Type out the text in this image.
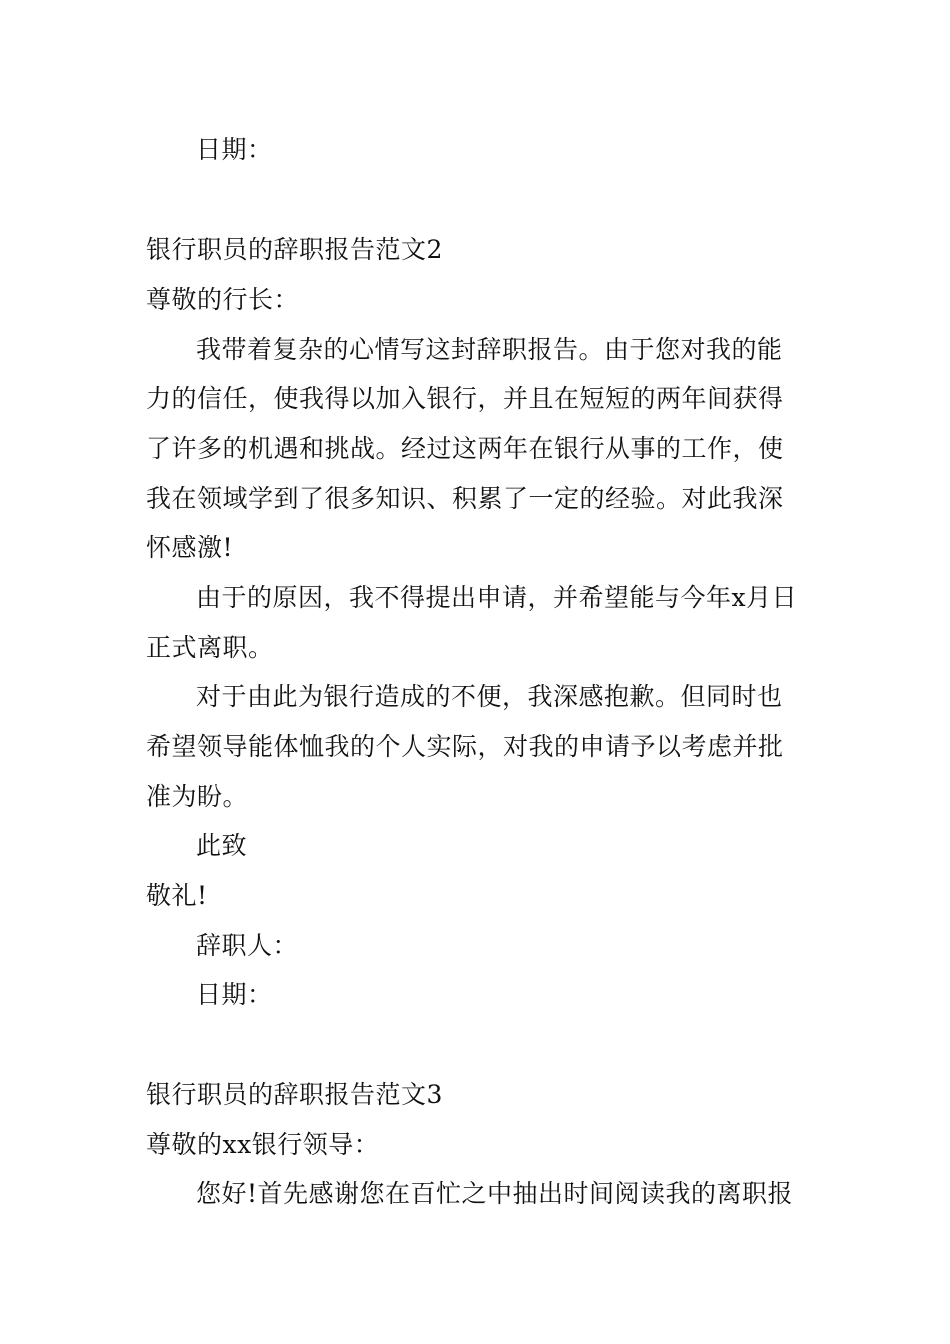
日期：
银行职员的辞职报告范文2
尊敬的行长：
我带着复杂的心情写这封辞职报告。由于您对我的能
力的信任，使我得以加入银行，并且在短短的两年间获得
了许多的机遇和挑战。经过这两年在银行从事的工作，使
我在领域学到了很多知识、积累了一定的经验。对此我深
怀感激!
由于的原因，我不得提出申请，并希望能与今年x月日
正式离职。
对于由此为银行造成的不便，我深感抱歉。但同时也
希望领导能体恤我的个人实际，对我的申请予以考虑并批
准为盼。
此致
敬礼!
辞职人：
日期：
银行职员的辞职报告范文3
尊敬的xx银行领导：
您好!首先感谢您在百忙之中抽出时间阅读我的离职报
